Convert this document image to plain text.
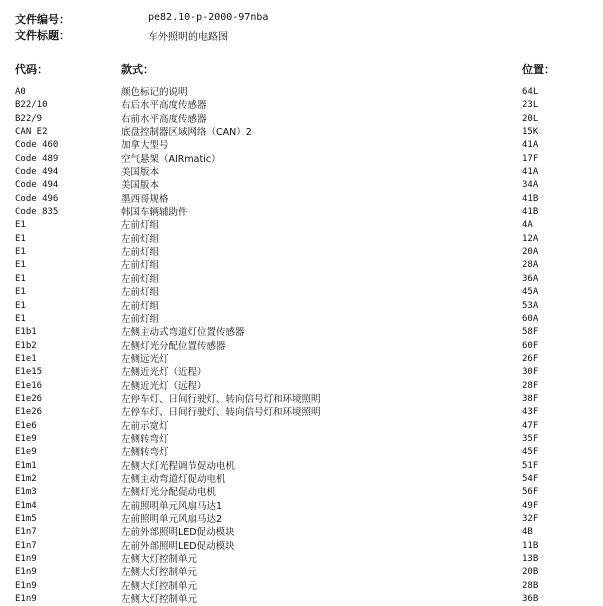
文件编号：	pe82.10-p-2000-97nba
文件标题：	车外照明的电路图
代码：	款式：	位置：
A0	颜色标记的说明	64L
B22/10	右后水平高度传感器	23L
B22/9	右前水平高度传感器	20L
CAN E2	底盘控制器区域网络（CAN）2	15K
Code 460	加拿大型号	41A
Code 489	空气悬架（AIRmatic）	17F
Code 494	美国版本	41A
Code 494	美国版本	34A
Code 496	墨西哥规格	41B
Code 835	韩国车辆辅助件	41B
E1	左前灯组	4A
E1	左前灯组	12A
E1	左前灯组	20A
E1	左前灯组	28A
E1	左前灯组	36A
E1	左前灯组	45A
E1	左前灯组	53A
E1	左前灯组	60A
E1b1	左侧主动式弯道灯位置传感器	58F
E1b2	左侧灯光分配位置传感器	60F
E1e1	左侧远光灯	26F
E1e15	左侧近光灯（近程）	30F
E1e16	左侧近光灯（远程）	28F
E1e26	左停车灯、日间行驶灯、转向信号灯和环境照明	38F
E1e26	左停车灯、日间行驶灯、转向信号灯和环境照明	43F
E1e6	左前示宽灯	47F
E1e9	左侧转弯灯	35F
E1e9	左侧转弯灯	45F
E1m1	左侧大灯光程调节促动电机	51F
E1m2	左侧主动弯道灯促动电机	54F
E1m3	左侧灯光分配促动电机	56F
E1m4	左前照明单元风扇马达1	49F
E1m5	左前照明单元风扇马达2	32F
E1n7	左前外部照明LED促动模块	4B
E1n7	左前外部照明LED促动模块	11B
E1n9	左侧大灯控制单元	13B
E1n9	左侧大灯控制单元	20B
E1n9	左侧大灯控制单元	28B
E1n9	左侧大灯控制单元	36B
